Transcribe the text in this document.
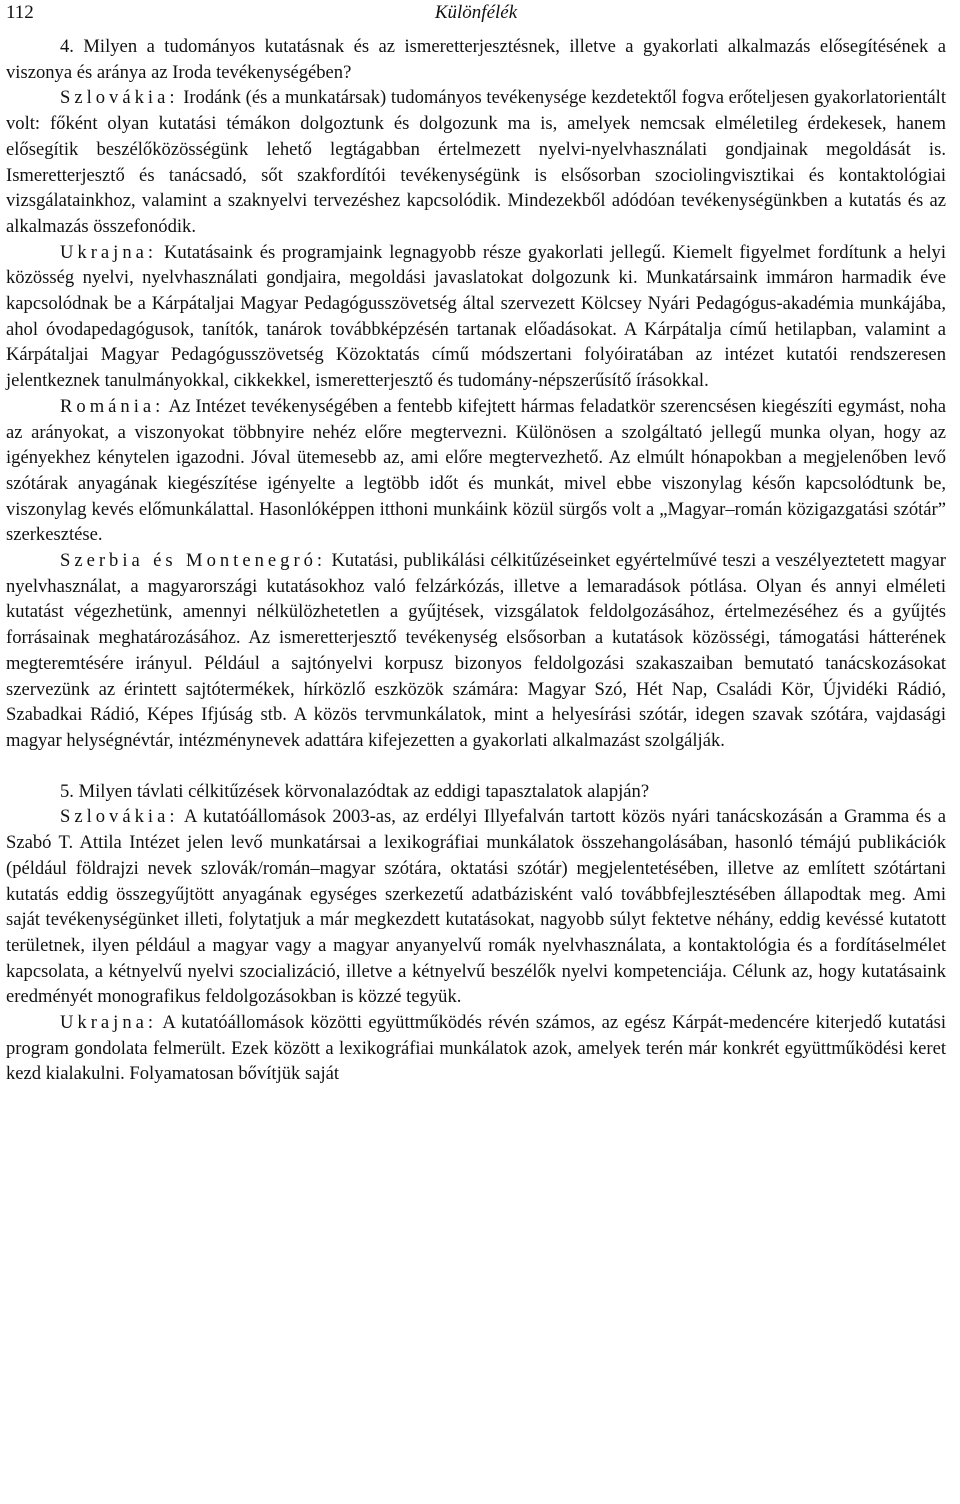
112	Különfélék

4. Milyen a tudományos kutatásnak és az ismeretterjesztésnek, illetve a gyakorlati alkalmazás elősegítésének a viszonya és aránya az Iroda tevékenységében?

Szlovákia: Irodánk (és a munkatársak) tudományos tevékenysége kezdetektől fogva erőteljesen gyakorlatorientált volt: főként olyan kutatási témákon dolgoztunk és dolgozunk ma is, amelyek nemcsak elméletileg érdekesek, hanem elősegítik beszélőközösségünk lehető legtágabban értelmezett nyelvi-nyelvhasználati gondjainak megoldását is. Ismeretterjesztő és tanácsadó, sőt szakfordítói tevékenységünk is elsősorban szociolingvisztikai és kontaktológiai vizsgálatainkhoz, valamint a szaknyelvi tervezéshez kapcsolódik. Mindezekből adódóan tevékenységünkben a kutatás és az alkalmazás összefonódik.

Ukrajna: Kutatásaink és programjaink legnagyobb része gyakorlati jellegű. Kiemelt figyelmet fordítunk a helyi közösség nyelvi, nyelvhasználati gondjaira, megoldási javaslatokat dolgozunk ki. Munkatársaink immáron harmadik éve kapcsolódnak be a Kárpátaljai Magyar Pedagógusszövetség által szervezett Kölcsey Nyári Pedagógus-akadémia munkájába, ahol óvodapedagógusok, tanítók, tanárok továbbképzésén tartanak előadásokat. A Kárpátalja című hetilapban, valamint a Kárpátaljai Magyar Pedagógusszövetség Közoktatás című módszertani folyóiratában az intézet kutatói rendszeresen jelentkeznek tanulmányokkal, cikkekkel, ismeretterjesztő és tudomány-népszerűsítő írásokkal.

Románia: Az Intézet tevékenységében a fentebb kifejtett hármas feladatkör szerencsésen kiegészíti egymást, noha az arányokat, a viszonyokat többnyire nehéz előre megtervezni. Különösen a szolgáltató jellegű munka olyan, hogy az igényekhez kénytelen igazodni. Jóval ütemesebb az, ami előre megtervezhető. Az elmúlt hónapokban a megjelenőben levő szótárak anyagának kiegészítése igényelte a legtöbb időt és munkát, mivel ebbe viszonylag későn kapcsolódtunk be, viszonylag kevés előmunkálattal. Hasonlóképpen itthoni munkáink közül sürgős volt a „Magyar–román közigazgatási szótár” szerkesztése.

Szerbia és Montenegró: Kutatási, publikálási célkitűzéseinket egyértelművé teszi a veszélyeztetett magyar nyelvhasználat, a magyarországi kutatásokhoz való felzárkózás, illetve a lemaradások pótlása. Olyan és annyi elméleti kutatást végezhetünk, amennyi nélkülözhetetlen a gyűjtések, vizsgálatok feldolgozásához, értelmezéséhez és a gyűjtés forrásainak meghatározásához. Az ismeretterjesztő tevékenység elsősorban a kutatások közösségi, támogatási hátterének megteremtésére irányul. Például a sajtónyelvi korpusz bizonyos feldolgozási szakaszaiban bemutató tanácskozásokat szervezünk az érintett sajtótermékek, hírközlő eszközök számára: Magyar Szó, Hét Nap, Családi Kör, Újvidéki Rádió, Szabadkai Rádió, Képes Ifjúság stb. A közös tervmunkálatok, mint a helyesírási szótár, idegen szavak szótára, vajdasági magyar helységnévtár, intézménynevek adattára kifejezetten a gyakorlati alkalmazást szolgálják.

5. Milyen távlati célkitűzések körvonalazódtak az eddigi tapasztalatok alapján?

Szlovákia: A kutatóállomások 2003-as, az erdélyi Illyefalván tartott közös nyári tanácskozásán a Gramma és a Szabó T. Attila Intézet jelen levő munkatársai a lexikográfiai munkálatok összehangolásában, hasonló témájú publikációk (például földrajzi nevek szlovák/román–magyar szótára, oktatási szótár) megjelentetésében, illetve az említett szótártani kutatás eddig összegyűjtött anyagának egységes szerkezetű adatbázisként való továbbfejlesztésében állapodtak meg. Ami saját tevékenységünket illeti, folytatjuk a már megkezdett kutatásokat, nagyobb súlyt fektetve néhány, eddig kevéssé kutatott területnek, ilyen például a magyar vagy a magyar anyanyelvű romák nyelvhasználata, a kontaktológia és a fordításelmélet kapcsolata, a kétnyelvű nyelvi szocializáció, illetve a kétnyelvű beszélők nyelvi kompetenciája. Célunk az, hogy kutatásaink eredményét monografikus feldolgozásokban is közzé tegyük.

Ukrajna: A kutatóállomások közötti együttműködés révén számos, az egész Kárpát-medencére kiterjedő kutatási program gondolata felmerült. Ezek között a lexikográfiai munkálatok azok, amelyek terén már konkrét együttműködési keret kezd kialakulni. Folyamatosan bővítjük saját
